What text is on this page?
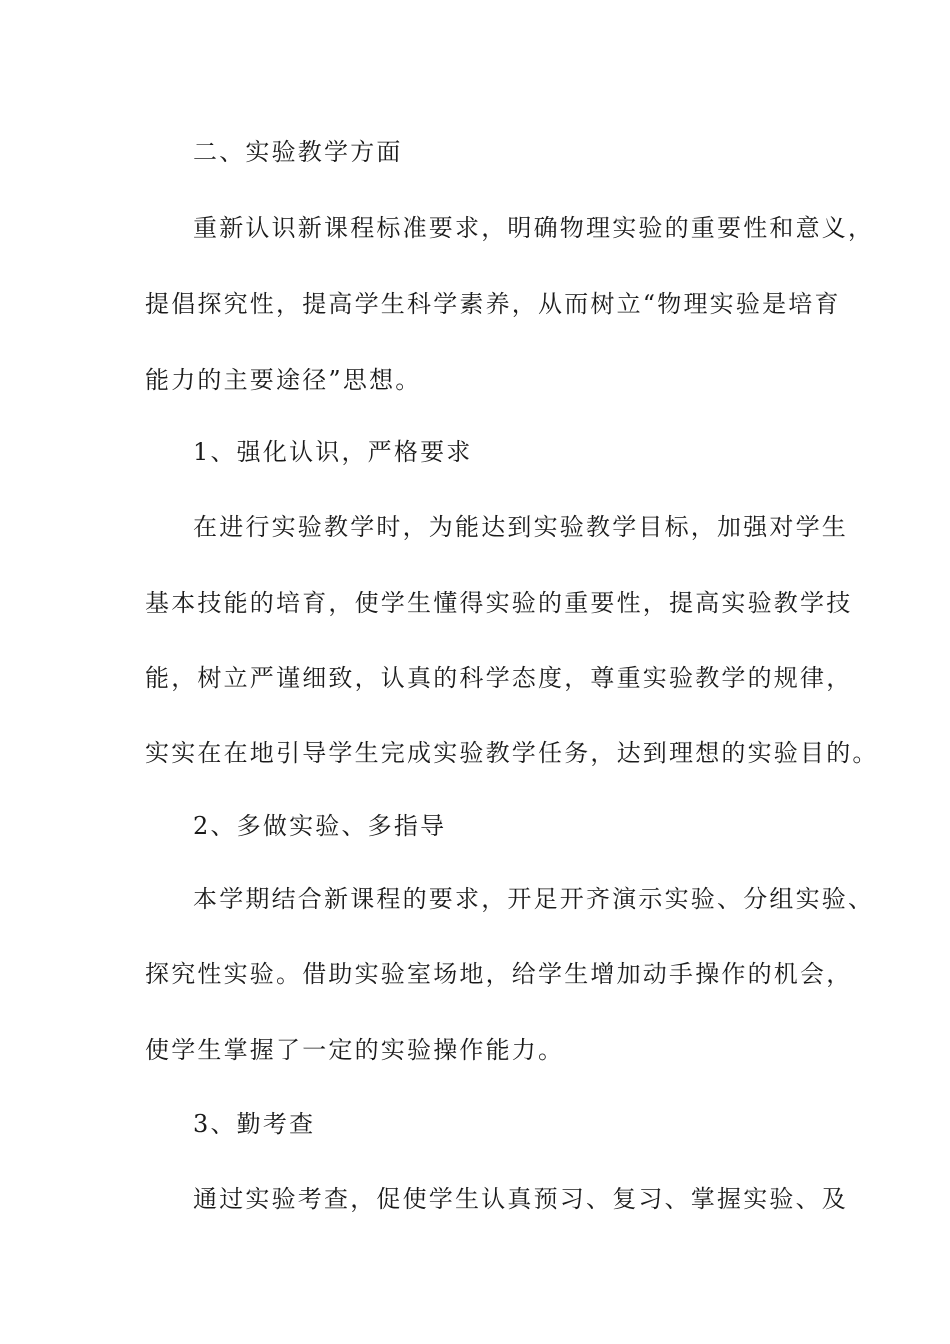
二、实验教学方面
重新认识新课程标准要求，明确物理实验的重要性和意义，
提倡探究性，提高学生科学素养，从而树立“物理实验是培育
能力的主要途径”思想。
1、强化认识，严格要求
在进行实验教学时，为能达到实验教学目标，加强对学生
基本技能的培育，使学生懂得实验的重要性，提高实验教学技
能，树立严谨细致，认真的科学态度，尊重实验教学的规律，
实实在在地引导学生完成实验教学任务，达到理想的实验目的。
2、多做实验、多指导
本学期结合新课程的要求，开足开齐演示实验、分组实验、
探究性实验。借助实验室场地，给学生增加动手操作的机会，
使学生掌握了一定的实验操作能力。
3、勤考查
通过实验考查，促使学生认真预习、复习、掌握实验、及
